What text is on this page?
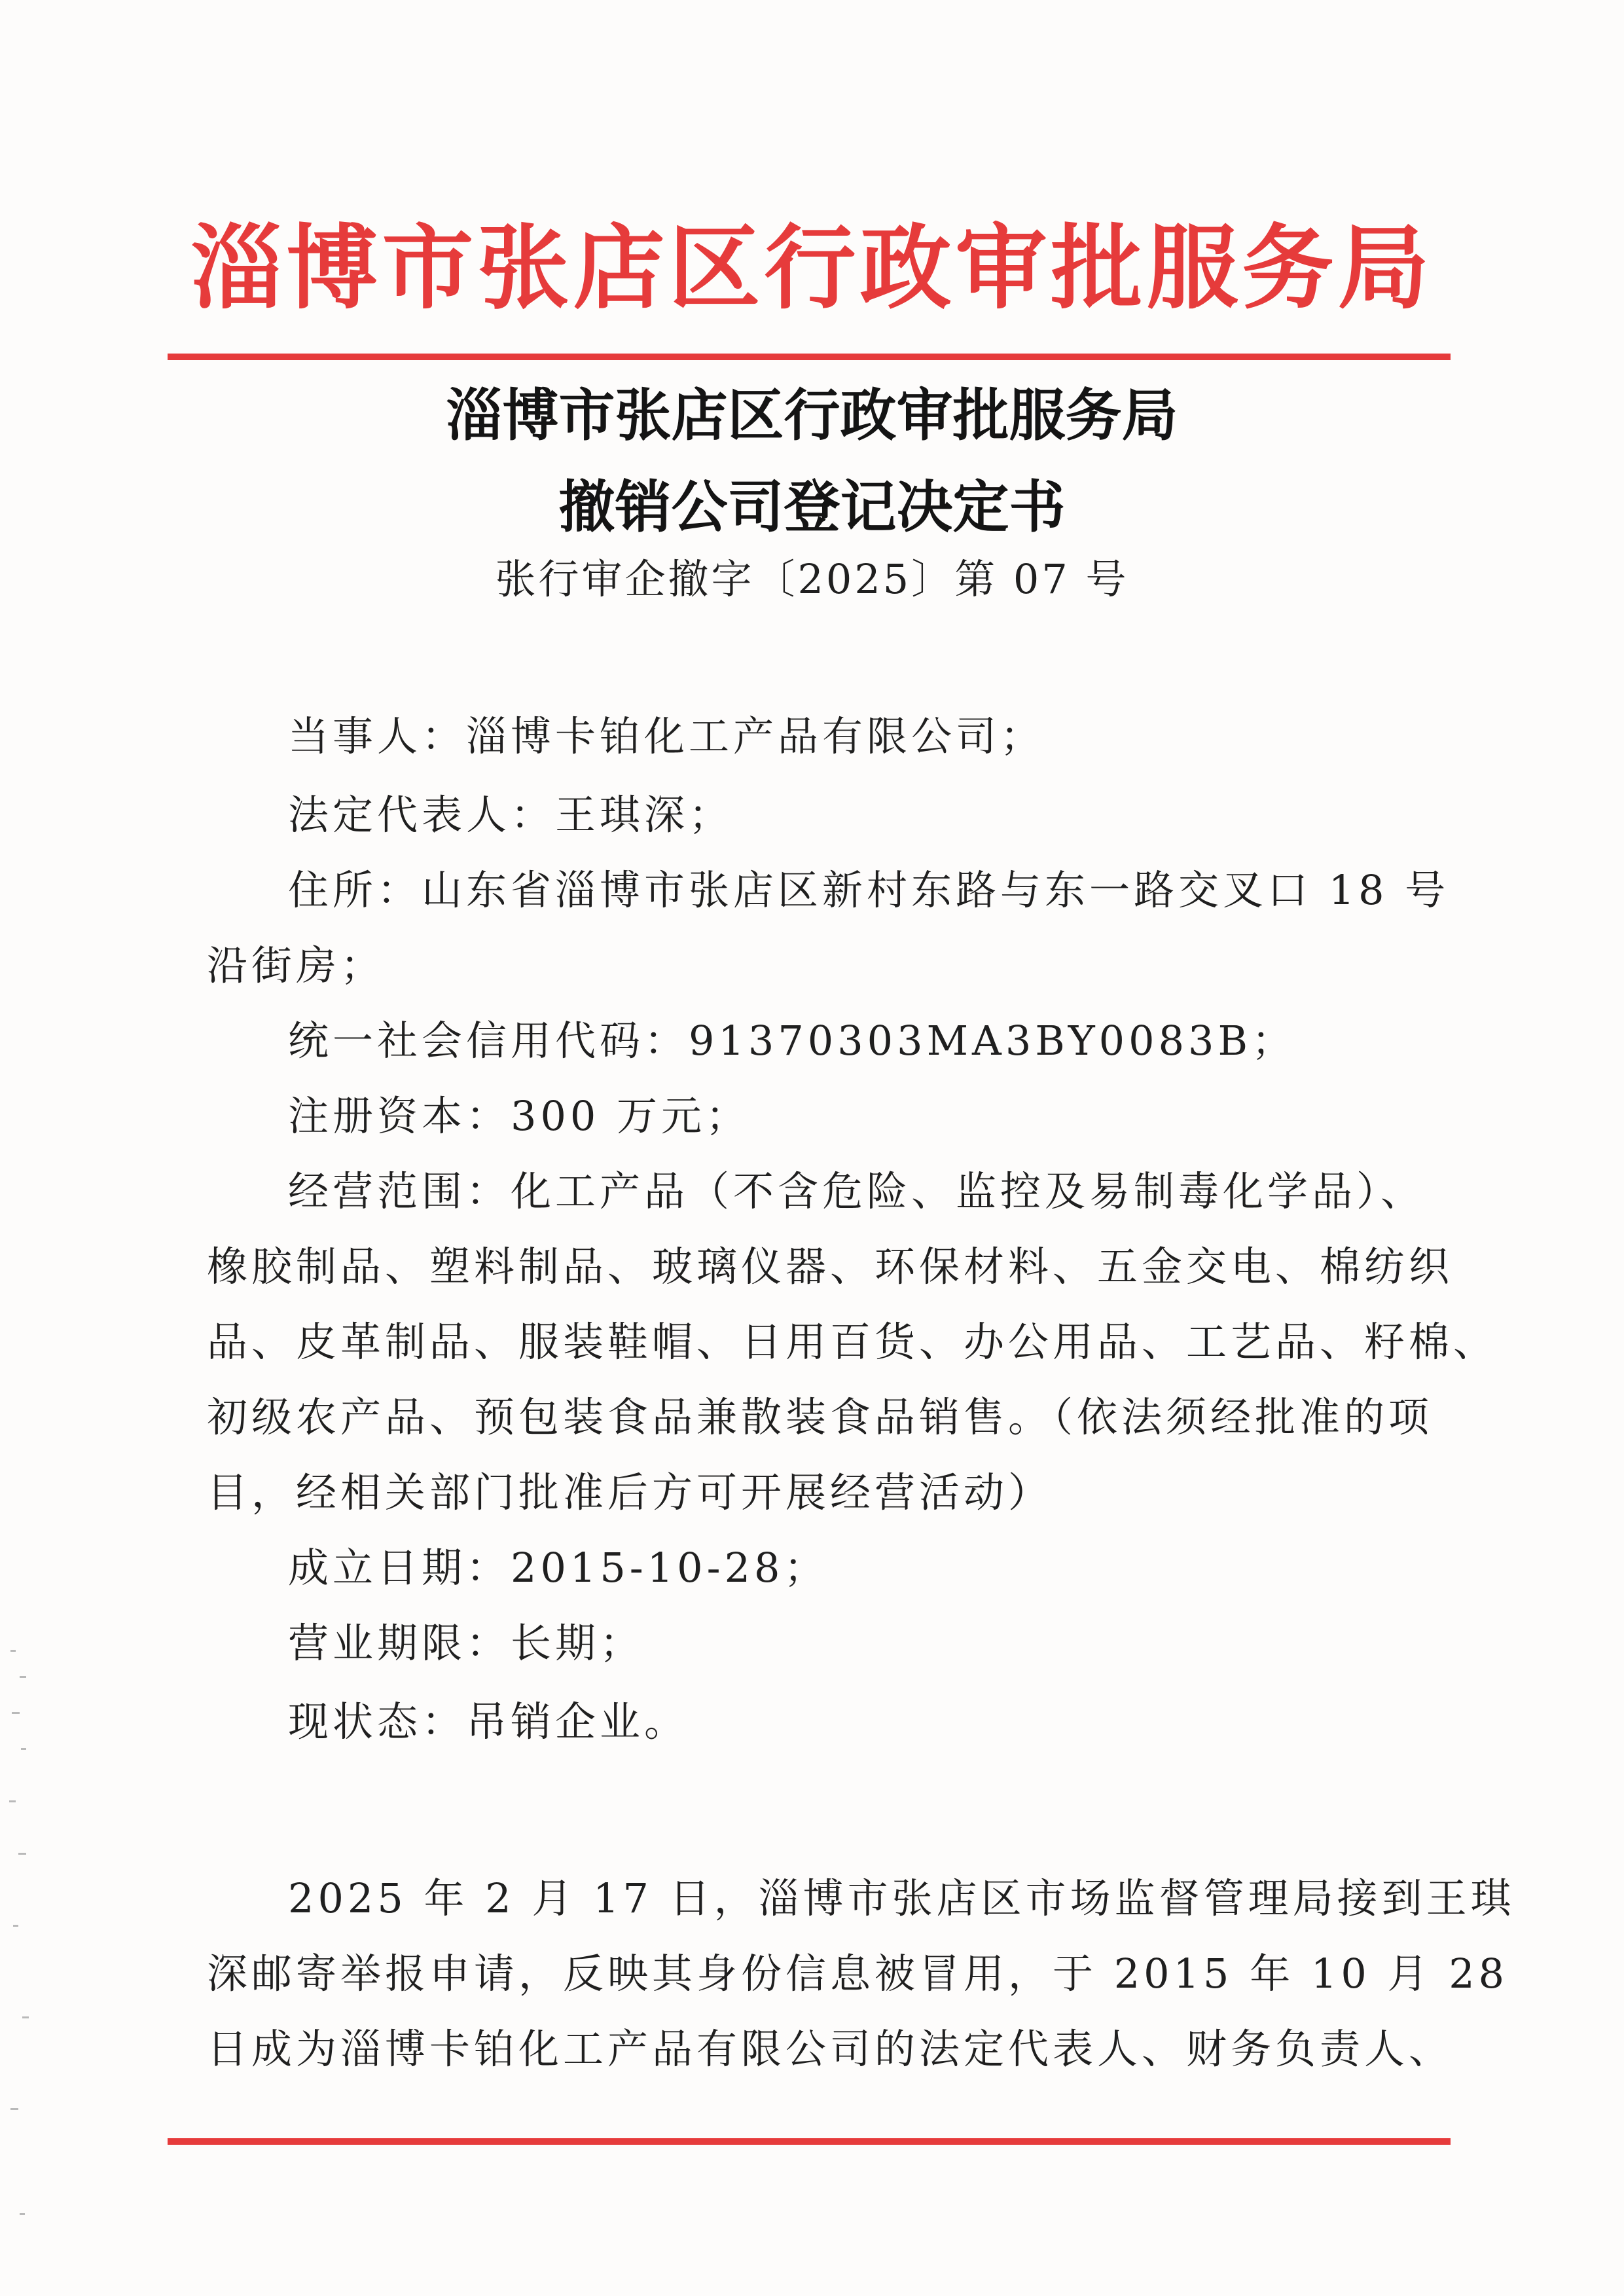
淄博市张店区行政审批服务局
淄博市张店区行政审批服务局
撤销公司登记决定书
张行审企撤字〔2025〕第 07 号
当事人：淄博卡铂化工产品有限公司；
法定代表人：王琪深；
住所：山东省淄博市张店区新村东路与东一路交叉口 18 号
沿街房；
统一社会信用代码：91370303MA3BY0083B；
注册资本：300 万元；
经营范围：化工产品（不含危险、监控及易制毒化学品）、
橡胶制品、塑料制品、玻璃仪器、环保材料、五金交电、棉纺织
品、皮革制品、服装鞋帽、日用百货、办公用品、工艺品、籽棉、
初级农产品、预包装食品兼散装食品销售。（依法须经批准的项
目，经相关部门批准后方可开展经营活动）
成立日期：2015-10-28；
营业期限：长期；
现状态：吊销企业。
2025 年 2 月 17 日，淄博市张店区市场监督管理局接到王琪
深邮寄举报申请，反映其身份信息被冒用，于 2015 年 10 月 28
日成为淄博卡铂化工产品有限公司的法定代表人、财务负责人、
